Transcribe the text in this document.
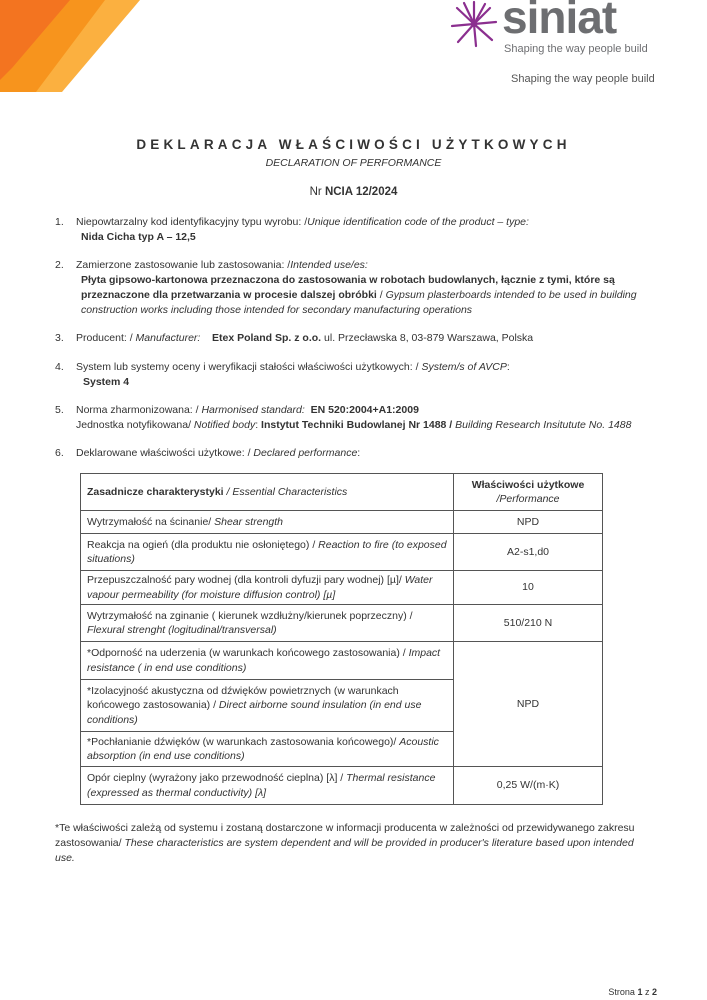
siniat
Shaping the way people build
Shaping the way people build
DEKLARACJA WŁAŚCIWOŚCI UŻYTKOWYCH
DECLARATION OF PERFORMANCE
Nr NCIA 12/2024
1. Niepowtarzalny kod identyfikacyjny typu wyrobu: /Unique identification code of the product – type:
Nida Cicha typ A – 12,5
2. Zamierzone zastosowanie lub zastosowania: /Intended use/es:
Płyta gipsowo-kartonowa przeznaczona do zastosowania w robotach budowlanych, łącznie z tymi, które są przeznaczone dla przetwarzania w procesie dalszej obróbki / Gypsum plasterboards intended to be used in building construction works including those intended for secondary manufacturing operations
3. Producent: / Manufacturer: Etex Poland Sp. z o.o. ul. Przecławska 8, 03-879 Warszawa, Polska
4. System lub systemy oceny i weryfikacji stałości właściwości użytkowych: / System/s of AVCP:
System 4
5. Norma zharmonizowana: / Harmonised standard: EN 520:2004+A1:2009
Jednostka notyfikowana/ Notified body: Instytut Techniki Budowlanej Nr 1488 / Building Research Insitutute No. 1488
6. Deklarowane właściwości użytkowe: / Declared performance:
Zasadnicze charakterystyki / Essential Characteristics	Właściwości użytkowe
/Performance
Wytrzymałość na ścinanie/ Shear strength	NPD
Reakcja na ogień (dla produktu nie osłoniętego) / Reaction to fire (to exposed situations)	A2-s1,d0
Przepuszczalność pary wodnej (dla kontroli dyfuzji pary wodnej) [µ]/ Water vapour permeability (for moisture diffusion control) [µ]	10
Wytrzymałość na zginanie ( kierunek wzdłużny/kierunek poprzeczny) / Flexural strenght (logitudinal/transversal)	510/210 N
*Odporność na uderzenia (w warunkach końcowego zastosowania) / Impact resistance ( in end use conditions)	NPD
*Izolacyjność akustyczna od dźwięków powietrznych (w warunkach końcowego zastosowania) / Direct airborne sound insulation (in end use conditions)	
*Pochłanianie dźwięków (w warunkach zastosowania końcowego)/ Acoustic absorption (in end use conditions)	
Opór cieplny (wyrażony jako przewodność cieplna) [λ] / Thermal resistance (expressed as thermal conductivity) [λ]	0,25 W/(m·K)
*Te właściwości zależą od systemu i zostaną dostarczone w informacji producenta w zależności od przewidywanego zakresu zastosowania/ These characteristics are system dependent and will be provided in producer's literature based upon intended use.
Strona 1 z 2
